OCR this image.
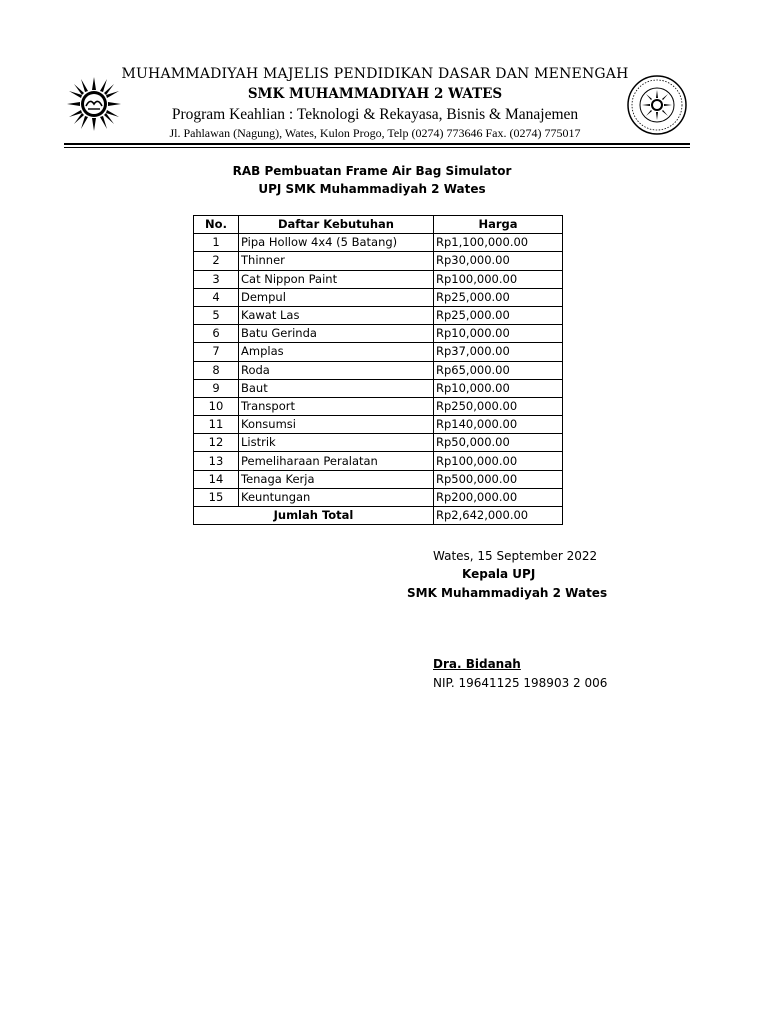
MUHAMMADIYAH MAJELIS PENDIDIKAN DASAR DAN MENENGAH
SMK MUHAMMADIYAH 2 WATES
Program Keahlian : Teknologi & Rekayasa, Bisnis & Manajemen
Jl. Pahlawan (Nagung), Wates, Kulon Progo, Telp (0274) 773646 Fax. (0274) 775017
RAB Pembuatan Frame Air Bag Simulator
UPJ SMK Muhammadiyah 2 Wates
No.	Daftar Kebutuhan	Harga
1	Pipa Hollow 4x4 (5 Batang)	Rp1,100,000.00
2	Thinner	Rp30,000.00
3	Cat Nippon Paint	Rp100,000.00
4	Dempul	Rp25,000.00
5	Kawat Las	Rp25,000.00
6	Batu Gerinda	Rp10,000.00
7	Amplas	Rp37,000.00
8	Roda	Rp65,000.00
9	Baut	Rp10,000.00
10	Transport	Rp250,000.00
11	Konsumsi	Rp140,000.00
12	Listrik	Rp50,000.00
13	Pemeliharaan Peralatan	Rp100,000.00
14	Tenaga Kerja	Rp500,000.00
15	Keuntungan	Rp200,000.00
Jumlah Total		Rp2,642,000.00
Wates, 15 September 2022
Kepala UPJ
SMK Muhammadiyah 2 Wates
Dra. Bidanah
NIP. 19641125 198903 2 006
